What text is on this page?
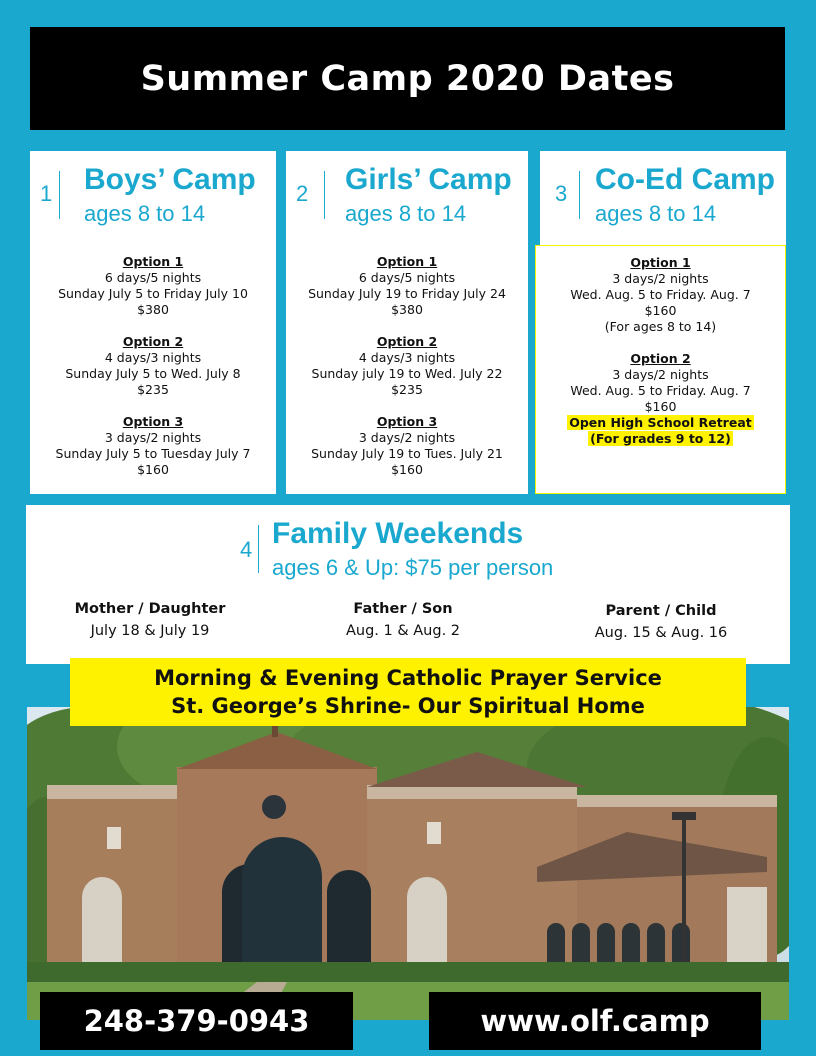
Summer Camp 2020 Dates
1 Boys’ Camp
ages 8 to 14
Option 1
6 days/5 nights
Sunday July 5 to Friday July 10
$380
Option 2
4 days/3 nights
Sunday July 5 to Wed. July 8
$235
Option 3
3 days/2 nights
Sunday July 5 to Tuesday July 7
$160
2 Girls’ Camp
ages 8 to 14
Option 1
6 days/5 nights
Sunday July 19 to Friday July 24
$380
Option 2
4 days/3 nights
Sunday july 19 to Wed. July 22
$235
Option 3
3 days/2 nights
Sunday July 19 to Tues. July 21
$160
3 Co-Ed Camp
ages 8 to 14
Option 1
3 days/2 nights
Wed. Aug. 5 to Friday. Aug. 7
$160
(For ages 8 to 14)
Option 2
3 days/2 nights
Wed. Aug. 5 to Friday. Aug. 7
$160
Open High School Retreat
(For grades 9 to 12)
4 Family Weekends
ages 6 & Up: $75 per person
Mother / Daughter
July 18 & July 19
Father / Son
Aug. 1 & Aug. 2
Parent / Child
Aug. 15 & Aug. 16
Morning & Evening Catholic Prayer Service
St. George’s Shrine- Our Spiritual Home
248-379-0943	www.olf.camp
